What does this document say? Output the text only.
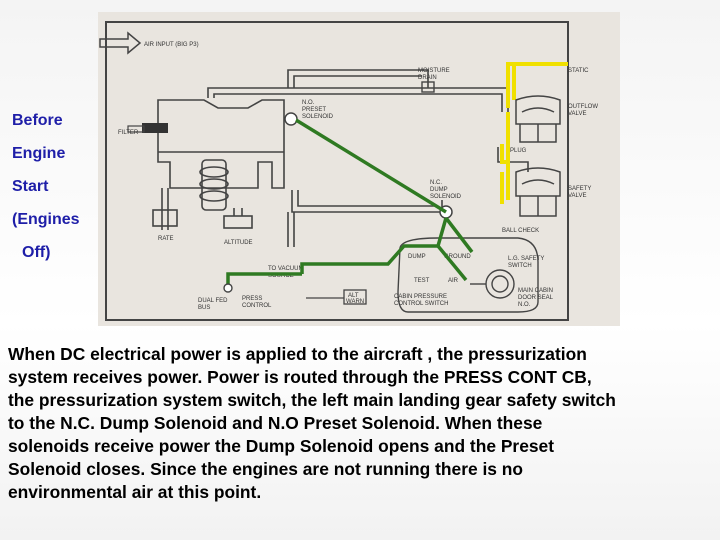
Before
Engine
Start
(Engines
Off)
AIR INPUT (BIG P3)
FILTER
RATE
ALTITUDE
N.O. PRESET SOLENOID
N.C. DUMP SOLENOID
MOISTURE DRAIN
STATIC
OUTFLOW VALVE
PLUG
SAFETY VALVE
BALL CHECK
DUMP	GROUND	L.G. SAFETY SWITCH
TEST	AIR
CABIN PRESSURE CONTROL SWITCH
MAIN CABIN DOOR SEAL N.O.
TO VACUUM SOURCE
DUAL FED BUS
PRESS CONTROL
ALT WARN
When DC electrical power is applied to the aircraft , the pressurization
system receives power. Power is routed through the PRESS CONT CB,
the pressurization system switch, the left main landing gear safety switch
to the N.C. Dump Solenoid and N.O Preset Solenoid. When these
solenoids receive power the Dump Solenoid opens and the Preset
Solenoid closes. Since the engines are not running there is no
environmental air at this point.
